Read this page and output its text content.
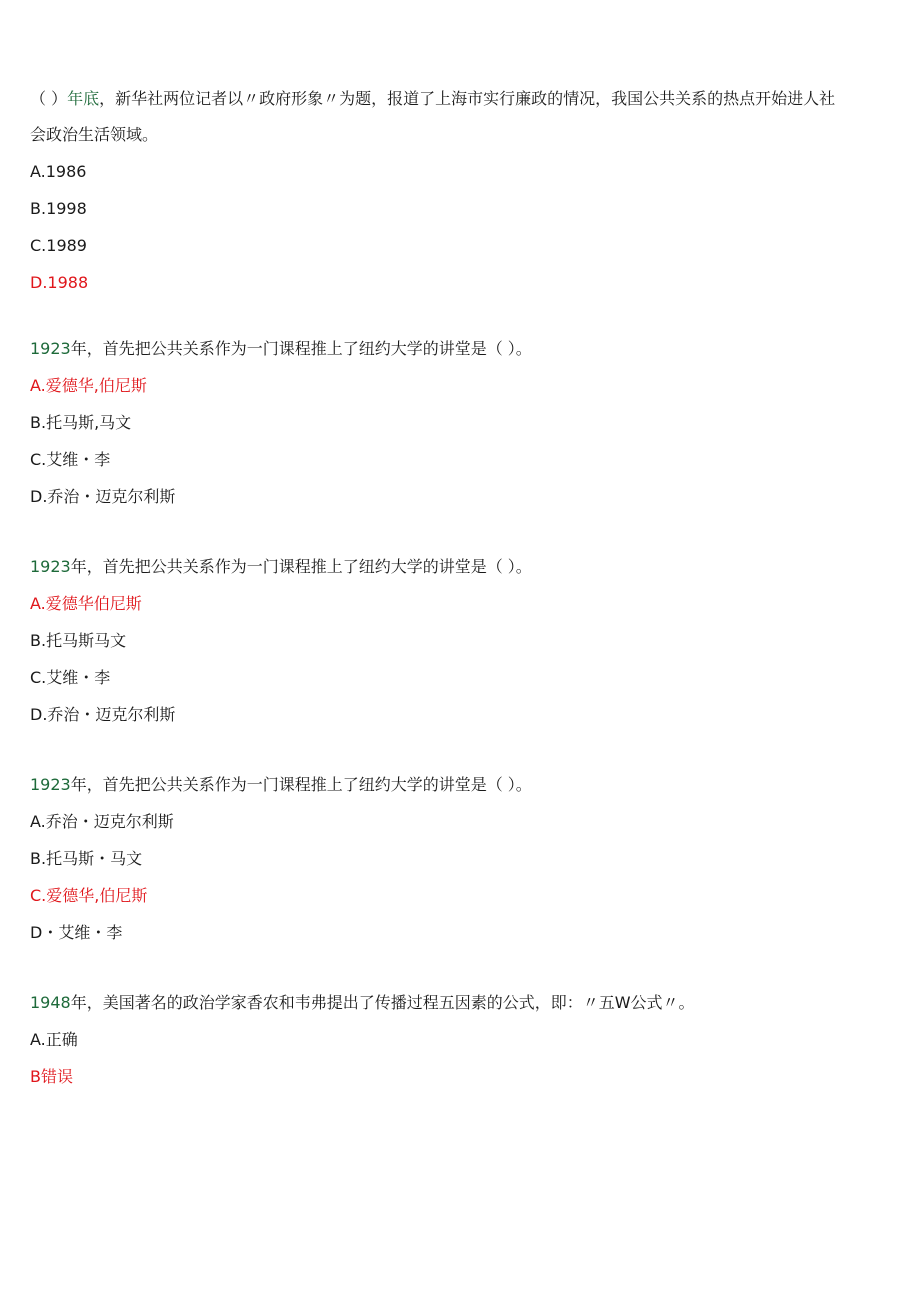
（ ）年底，新华社两位记者以〃政府形象〃为题，报道了上海市实行廉政的情况，我国公共关系的热点开始进人社

会政治生活领域。

A.1986

B.1998

C.1989

D.1988

1923年，首先把公共关系作为一门课程推上了纽约大学的讲堂是（ ）。

A.爱德华,伯尼斯

B.托马斯,马文

C.艾维・李

D.乔治・迈克尔利斯

1923年，首先把公共关系作为一门课程推上了纽约大学的讲堂是（ ）。

A.爱德华伯尼斯

B.托马斯马文

C.艾维・李

D.乔治・迈克尔利斯

1923年，首先把公共关系作为一门课程推上了纽约大学的讲堂是（ ）。

A.乔治・迈克尔利斯

B.托马斯・马文

C.爱德华,伯尼斯

D・艾维・李

1948年，美国著名的政治学家香农和韦弗提出了传播过程五因素的公式，即：〃五W公式〃。

A.正确

B错误
